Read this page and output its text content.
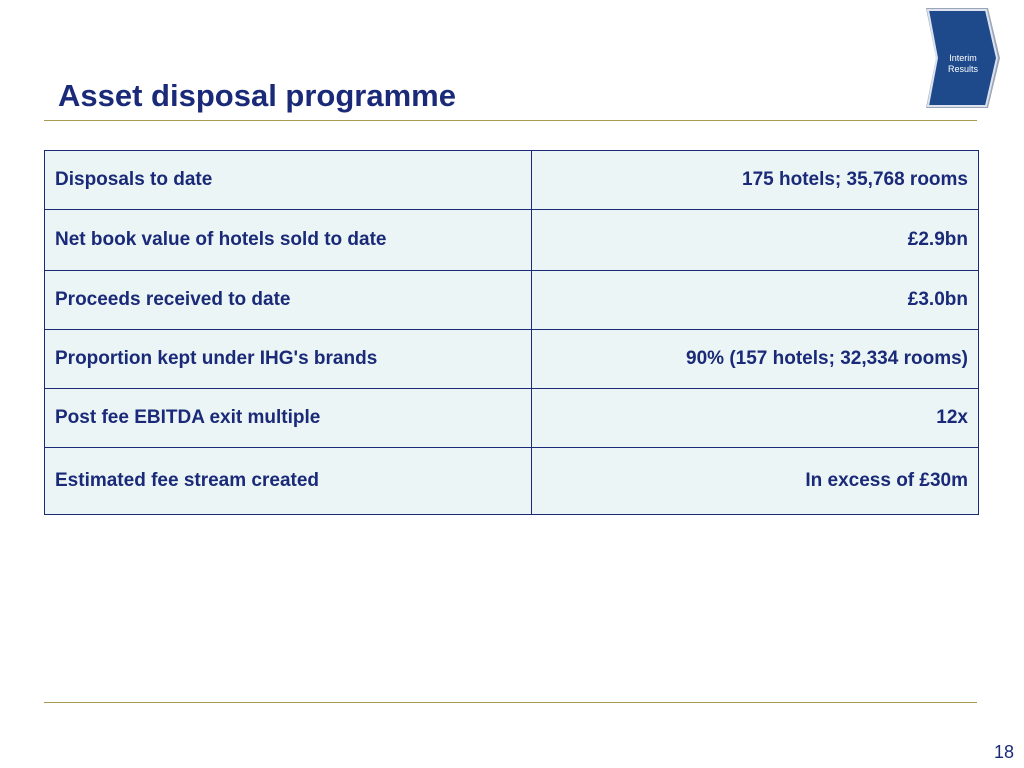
Asset disposal programme
Interim
Results
Disposals to date	175 hotels; 35,768 rooms
Net book value of hotels sold to date	£2.9bn
Proceeds received to date	£3.0bn
Proportion kept under IHG's brands	90% (157 hotels; 32,334 rooms)
Post fee EBITDA exit multiple	12x
Estimated fee stream created	In excess of £30m
18
